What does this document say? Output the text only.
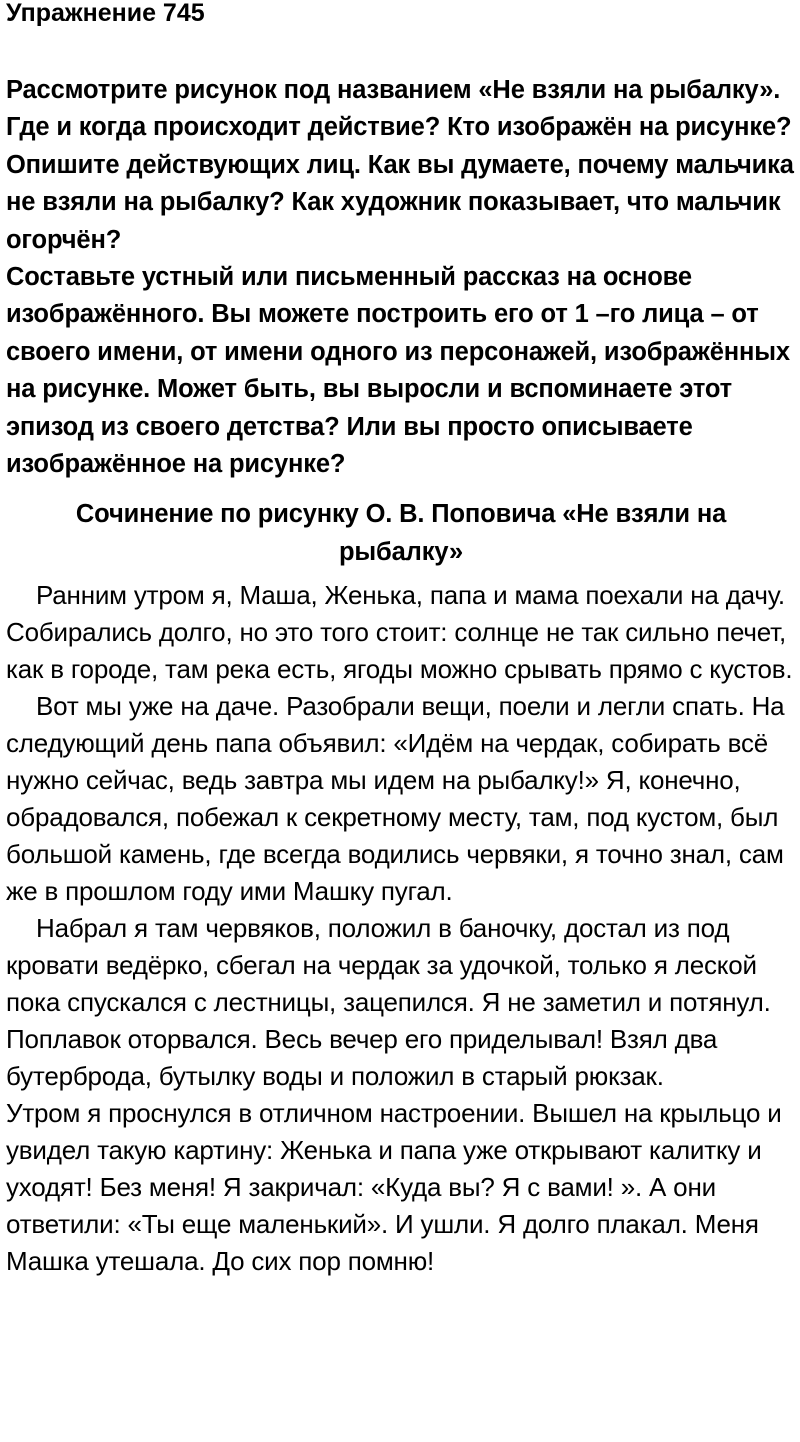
Упражнение 745

Рассмотрите рисунок под названием «Не взяли на рыбалку». Где и когда происходит действие? Кто изображён на рисунке? Опишите действующих лиц. Как вы думаете, почему мальчика не взяли на рыбалку? Как художник показывает, что мальчик огорчён?

Составьте устный или письменный рассказ на основе изображённого. Вы можете построить его от 1 –го лица – от своего имени, от имени одного из персонажей, изображённых на рисунке. Может быть, вы выросли и вспоминаете этот эпизод из своего детства? Или вы просто описываете изображённое на рисунке?

Сочинение по рисунку О. В. Поповича «Не взяли на рыбалку»

Ранним утром я, Маша, Женька, папа и мама поехали на дачу. Собирались долго, но это того стоит: солнце не так сильно печет, как в городе, там река есть, ягоды можно срывать прямо с кустов.

Вот мы уже на даче. Разобрали вещи, поели и легли спать. На следующий день папа объявил: «Идём на чердак, собирать всё нужно сейчас, ведь завтра мы идем на рыбалку!» Я, конечно, обрадовался, побежал к секретному месту, там, под кустом, был большой камень, где всегда водились червяки, я точно знал, сам же в прошлом году ими Машку пугал.

Набрал я там червяков, положил в баночку, достал из под кровати ведёрко, сбегал на чердак за удочкой, только я леской пока спускался с лестницы, зацепился. Я не заметил и потянул. Поплавок оторвался. Весь вечер его приделывал! Взял два бутерброда, бутылку воды и положил в старый рюкзак.

Утром я проснулся в отличном настроении. Вышел на крыльцо и увидел такую картину: Женька и папа уже открывают калитку и уходят! Без меня! Я закричал: «Куда вы? Я с вами! ». А они ответили: «Ты еще маленький». И ушли. Я долго плакал. Меня Машка утешала. До сих пор помню!
